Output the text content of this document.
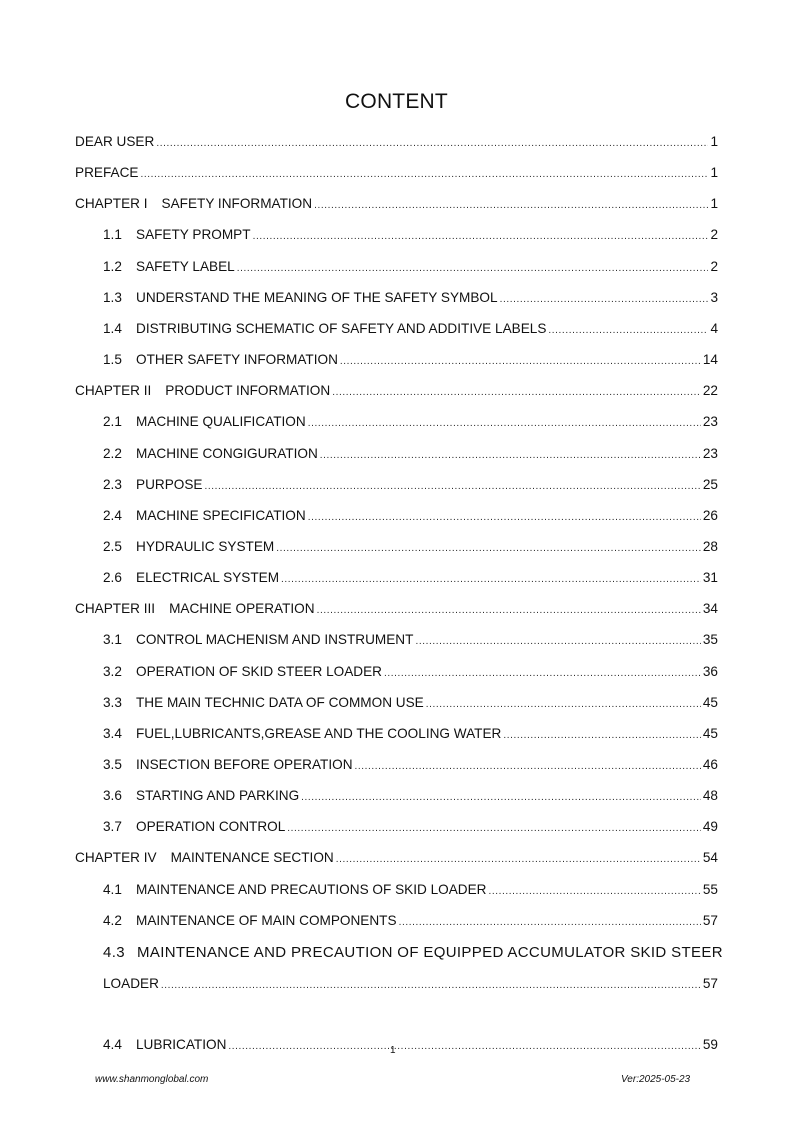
CONTENT
DEAR USER .....	1
PREFACE .....	1
CHAPTER I SAFETY INFORMATION .....	1
1.1	SAFETY PROMPT .....	2
1.2	SAFETY LABEL .....	2
1.3	UNDERSTAND THE MEANING OF THE SAFETY SYMBOL .....	3
1.4	DISTRIBUTING SCHEMATIC OF SAFETY AND ADDITIVE LABELS .....	4
1.5	OTHER SAFETY INFORMATION .....	14
CHAPTER II PRODUCT INFORMATION .....	22
2.1	MACHINE QUALIFICATION .....	23
2.2	MACHINE CONGIGURATION .....	23
2.3	PURPOSE .....	25
2.4	MACHINE SPECIFICATION .....	26
2.5	HYDRAULIC SYSTEM .....	28
2.6	ELECTRICAL SYSTEM .....	31
CHAPTER III MACHINE OPERATION .....	34
3.1	CONTROL MACHENISM AND INSTRUMENT .....	35
3.2	OPERATION OF SKID STEER LOADER .....	36
3.3	THE MAIN TECHNIC DATA OF COMMON USE .....	45
3.4	FUEL,LUBRICANTS,GREASE AND THE COOLING WATER .....	45
3.5	INSECTION BEFORE OPERATION .....	46
3.6	STARTING AND PARKING .....	48
3.7	OPERATION CONTROL .....	49
CHAPTER IV MAINTENANCE SECTION .....	54
4.1	MAINTENANCE AND PRECAUTIONS OF SKID LOADER .....	55
4.2	MAINTENANCE OF MAIN COMPONENTS .....	57
4.3 MAINTENANCE AND PRECAUTION OF EQUIPPED ACCUMULATOR SKID STEER
LOADER .....	57
4.4	LUBRICATION .....	59
1
www.shanmonglobal.com	Ver:2025-05-23
